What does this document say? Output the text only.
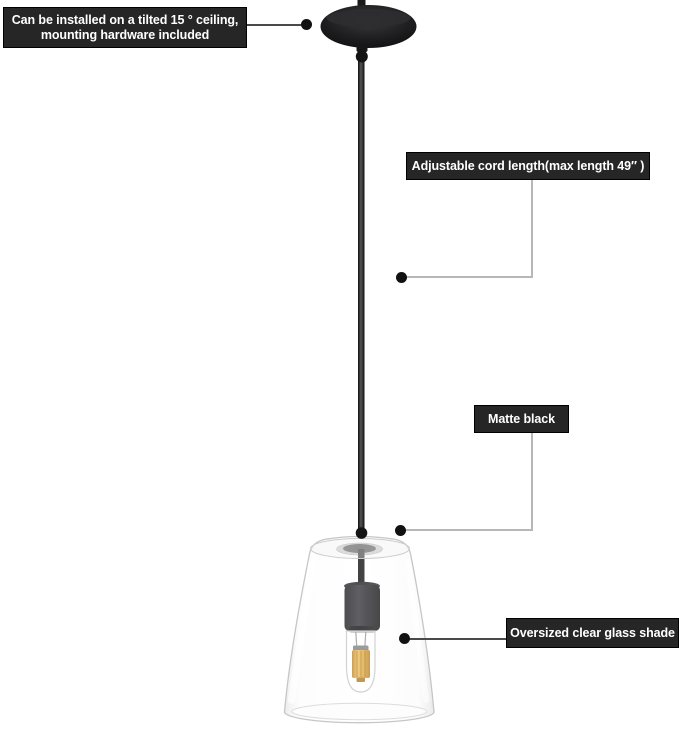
Can be installed on a tilted 15 ° ceiling,
mounting hardware included
Adjustable cord length(max length 49″ )
Matte black
Oversized clear glass shade
